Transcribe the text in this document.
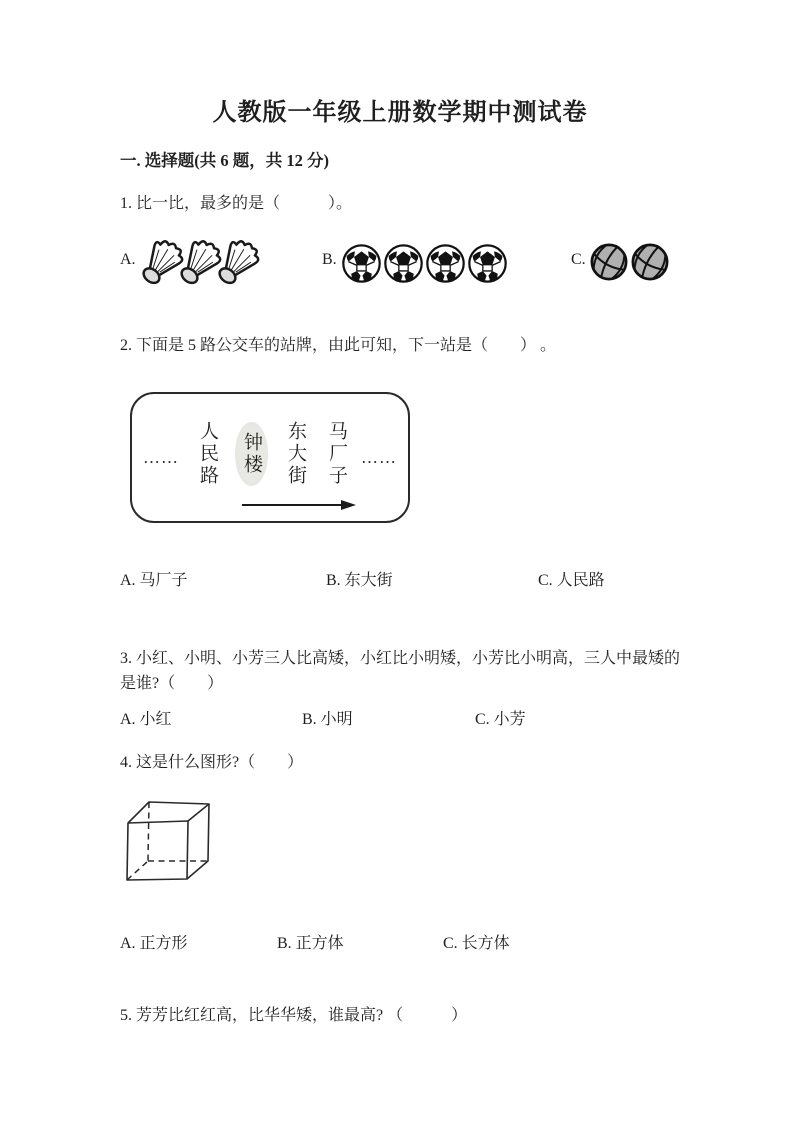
人教版一年级上册数学期中测试卷
一. 选择题(共 6 题，共 12 分)
1. 比一比，最多的是（　　　）。
A.	B.	C.
2. 下面是 5 路公交车的站牌，由此可知，下一站是（　　） 。
…… 人民路	钟楼	东大街 马厂子 ……
A. 马厂子	B. 东大街	C. 人民路
3. 小红、小明、小芳三人比高矮，小红比小明矮，小芳比小明高，三人中最矮的是谁?（　　）
A. 小红	B. 小明	C. 小芳
4. 这是什么图形?（　　）
A. 正方形	B. 正方体	C. 长方体
5. 芳芳比红红高，比华华矮，谁最高? （　　　）
